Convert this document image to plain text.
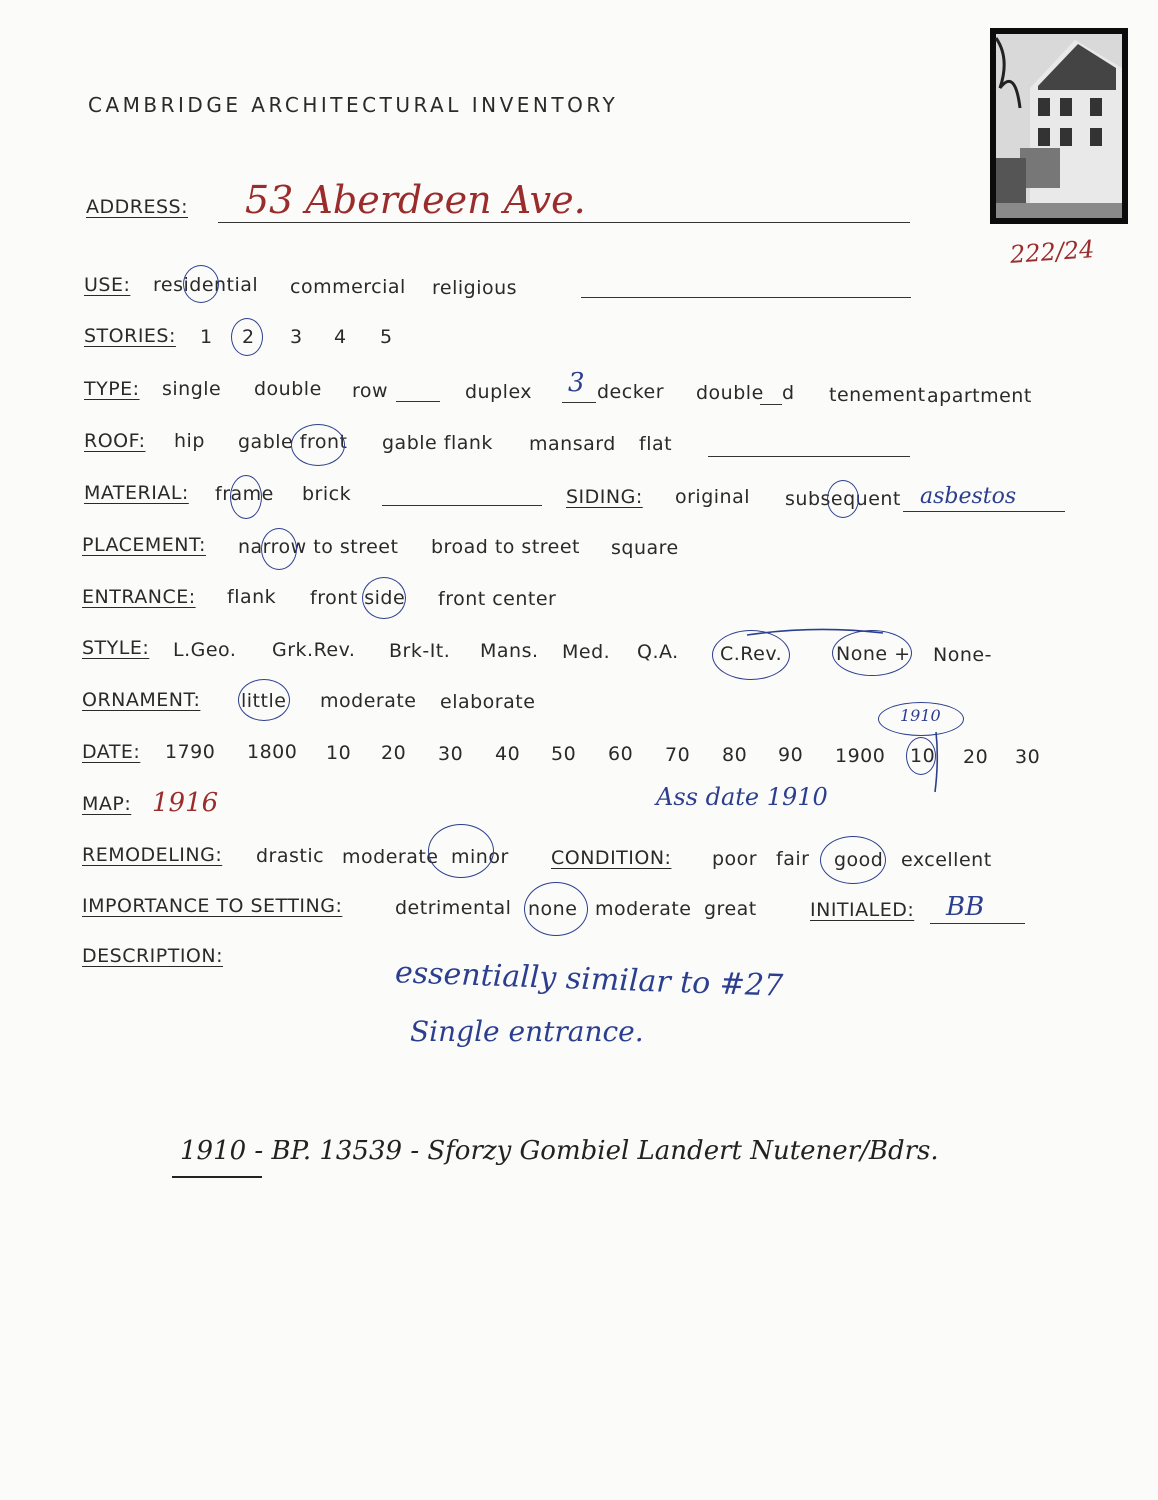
CAMBRIDGE ARCHITECTURAL INVENTORY
222/24
ADDRESS: 53 Aberdeen Ave.
USE: residential commercial religious
STORIES: 1 2 3 4 5
TYPE: single double row	duplex 3 decker double d tenement apartment
ROOF: hip gable front gable flank mansard flat
MATERIAL: frame brick	SIDING: original subsequent asbestos
PLACEMENT: narrow to street broad to street square
ENTRANCE: flank front side front center
STYLE: L.Geo. Grk.Rev. Brk-It. Mans. Med. Q.A. C.Rev.	None + None-
ORNAMENT: little moderate elaborate
DATE: 1790 1800 10 20 30 40 50 60 70 80 90 1900 10 20 30
1910
MAP: 1916	Ass date 1910
REMODELING: drastic moderate minor CONDITION: poor fair good excellent
IMPORTANCE TO SETTING:	detrimental none moderate great	INITIALED: BB
DESCRIPTION:	essentially similar to #27
Single entrance.
1910 - BP. 13539 - Sforzy Gombiel Landert Nutener/Bdrs.
